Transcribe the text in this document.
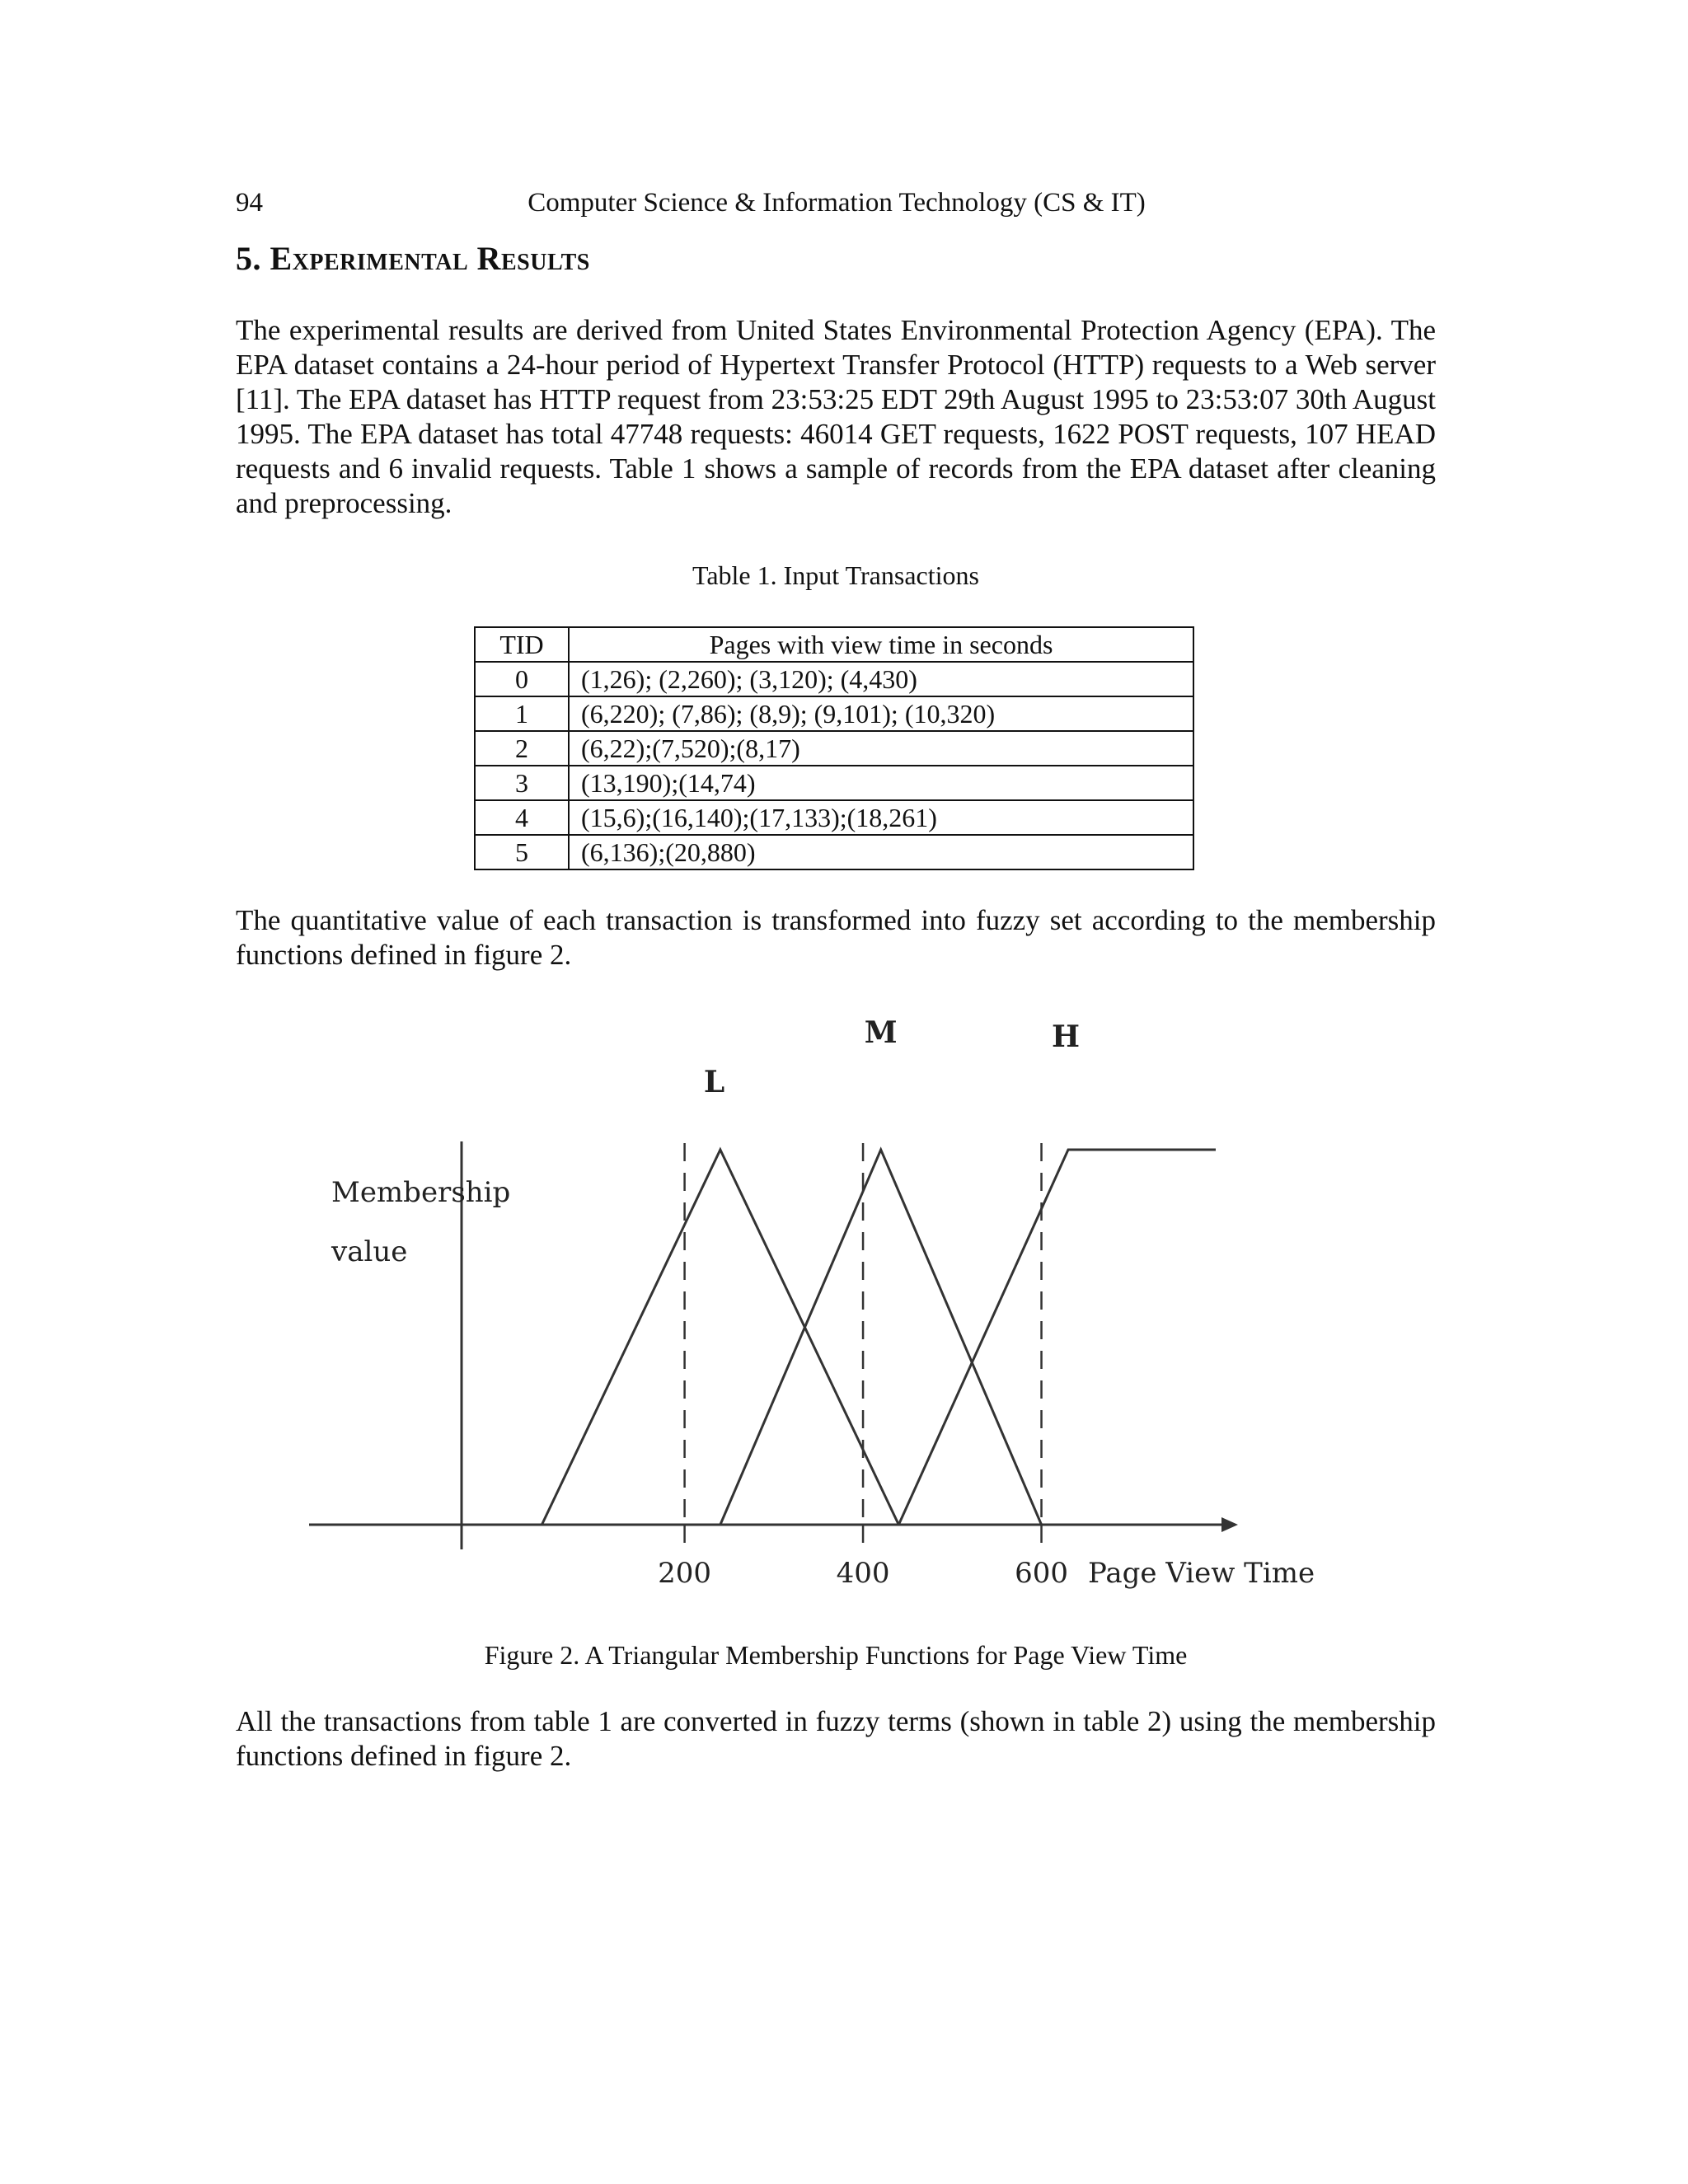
94	Computer Science & Information Technology (CS & IT)
5. Experimental Results

The experimental results are derived from United States Environmental Protection Agency (EPA). The EPA dataset contains a 24-hour period of Hypertext Transfer Protocol (HTTP) requests to a Web server [11]. The EPA dataset has HTTP request from 23:53:25 EDT 29th August 1995 to 23:53:07 30th August 1995. The EPA dataset has total 47748 requests: 46014 GET requests, 1622 POST requests, 107 HEAD requests and 6 invalid requests. Table 1 shows a sample of records from the EPA dataset after cleaning and preprocessing.

Table 1. Input Transactions
TID	Pages with view time in seconds
0	(1,26); (2,260); (3,120); (4,430)
1	(6,220); (7,86); (8,9); (9,101); (10,320)
2	(6,22);(7,520);(8,17)
3	(13,190);(14,74)
4	(15,6);(16,140);(17,133);(18,261)
5	(6,136);(20,880)

The quantitative value of each transaction is transformed into fuzzy set according to the membership functions defined in figure 2.

Membership
value
200	400	600
L
M	H
Page View Time
Figure 2. A Triangular Membership Functions for Page View Time

All the transactions from table 1 are converted in fuzzy terms (shown in table 2) using the membership functions defined in figure 2.
